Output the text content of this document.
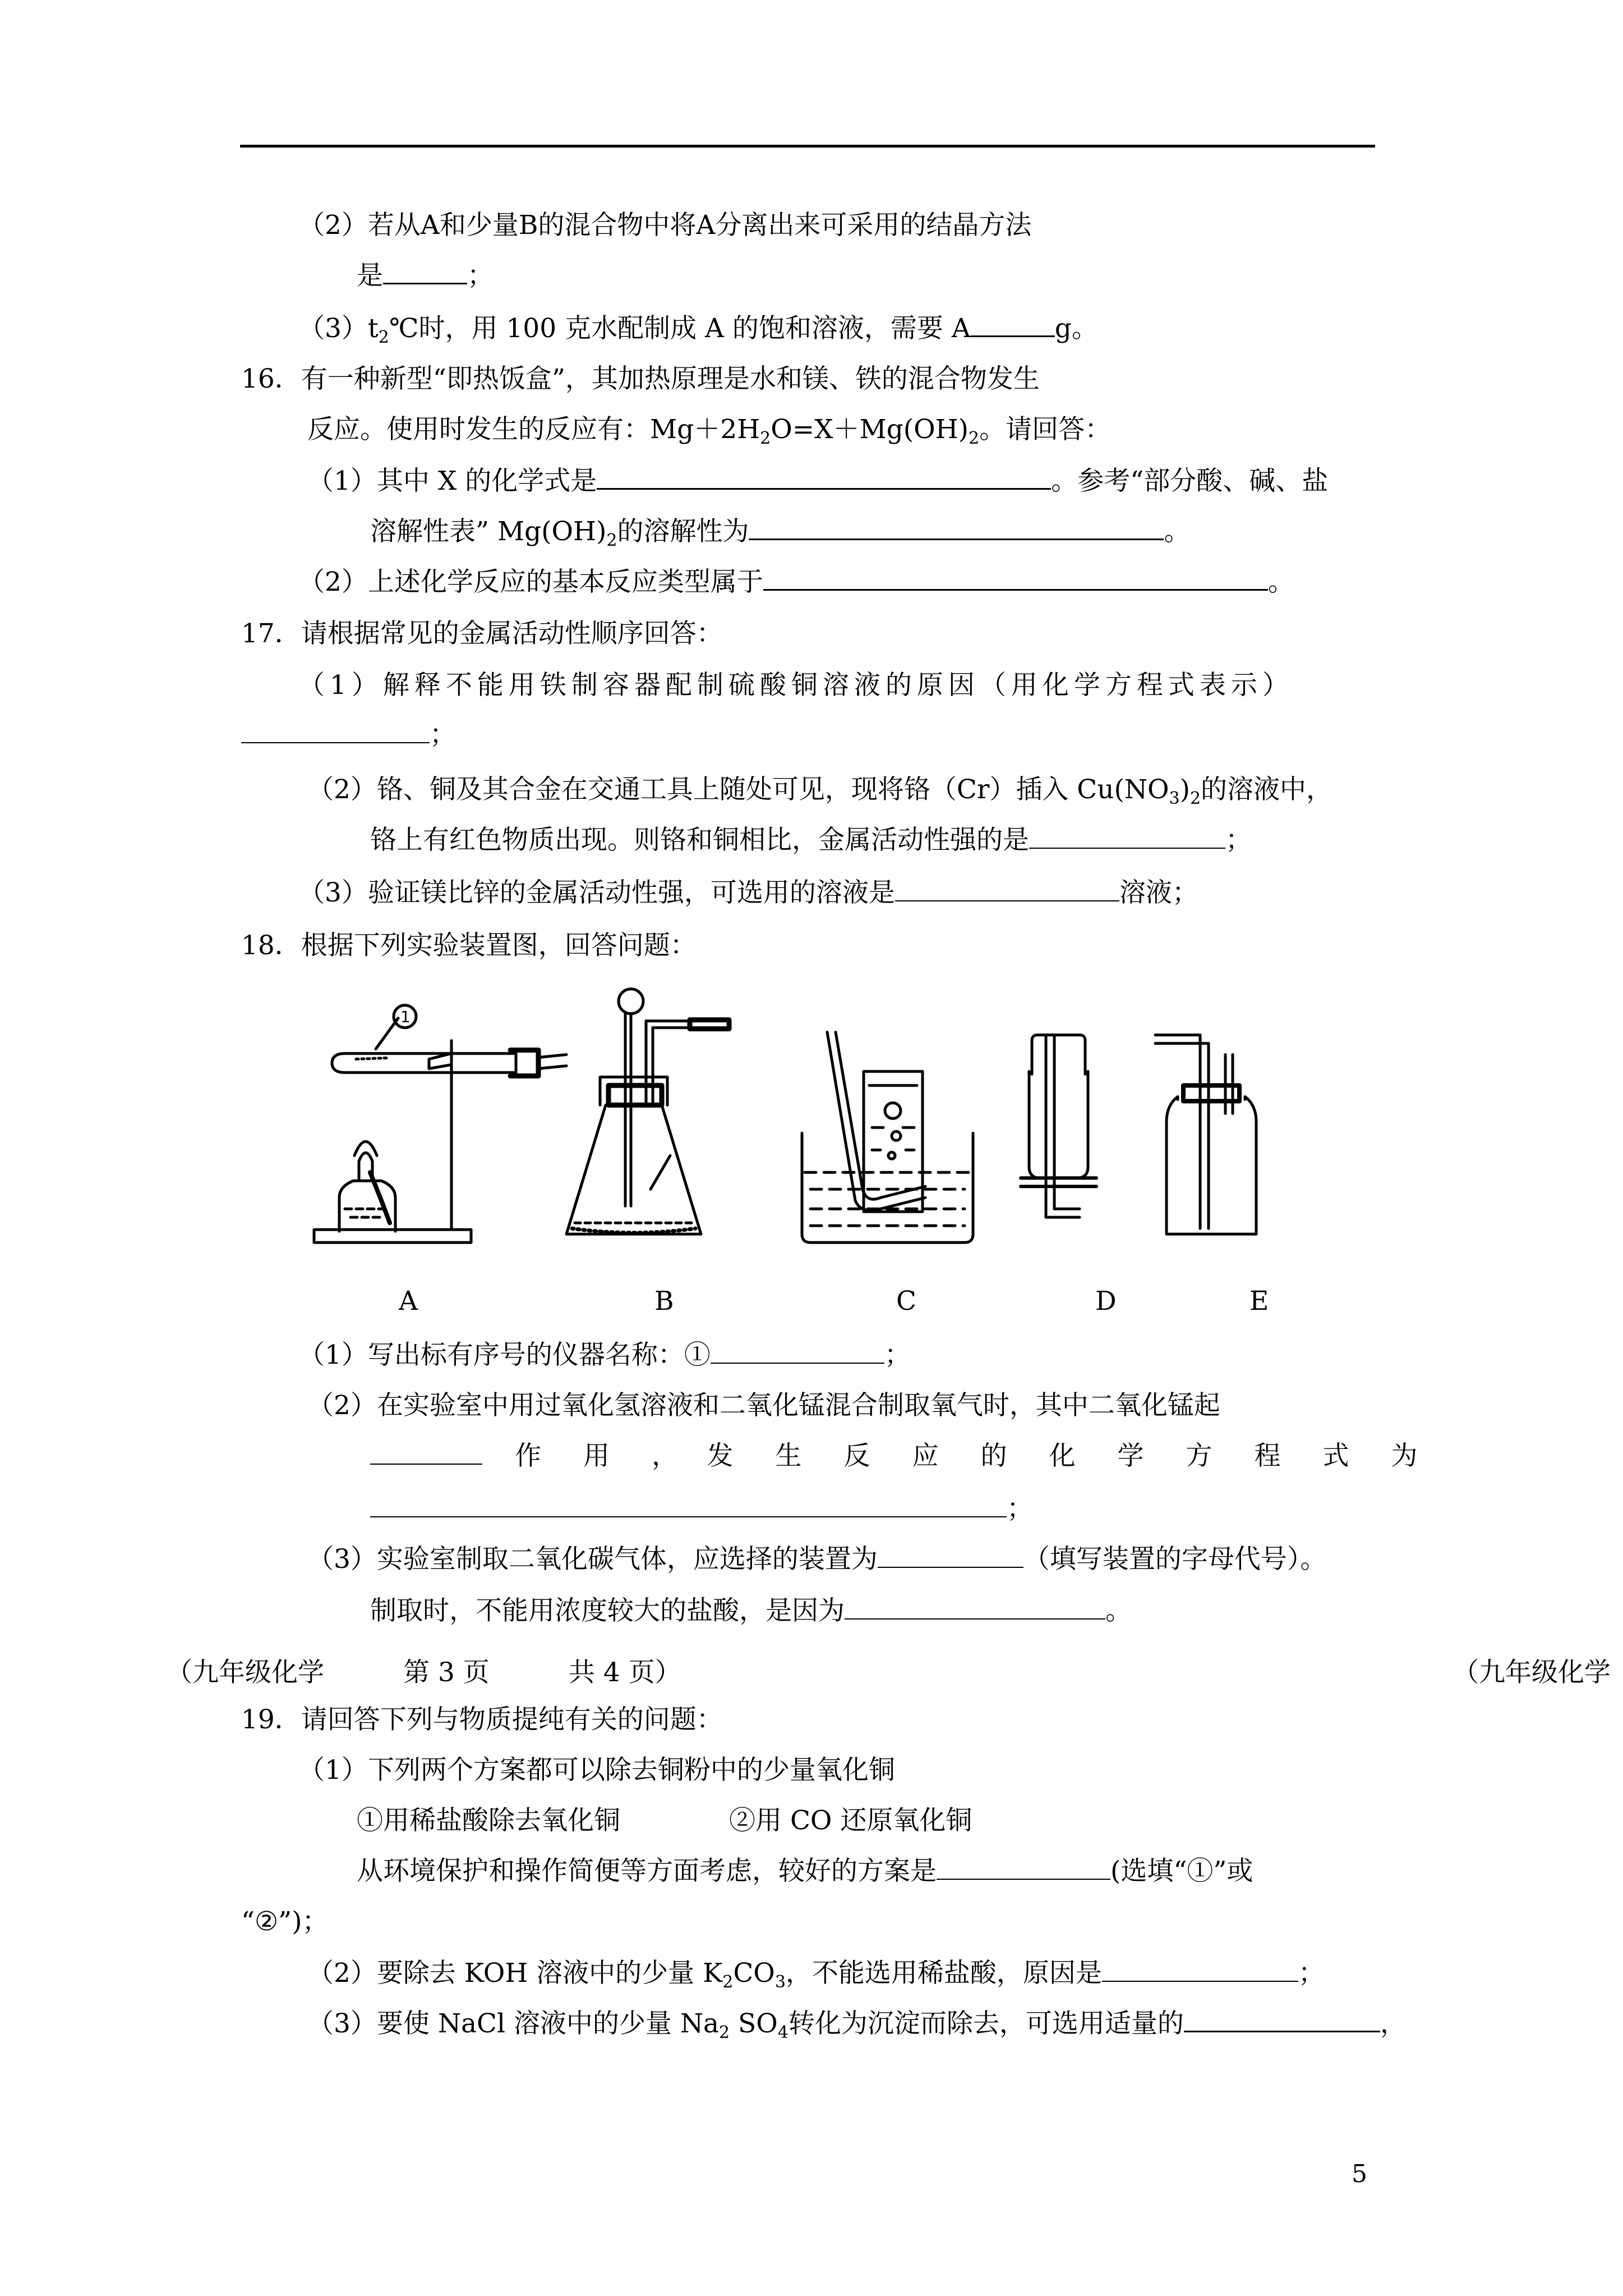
（2）若从A和少量B的混合物中将A分离出来可采用的结晶方法
是	；
$(3)t_2℃$时，用 100 克水配制成 A 的饱和溶液，需要 A	g。
16．有一种新型“即热饭盒”，其加热原理是水和镁、铁的混合物发生
反应。使用时发生的反应有：$Mg+2H_2O=X+Mg(OH)_2$。请回答：
（1）其中 X 的化学式是	。参考“部分酸、碱、盐
溶解性表” $Mg(OH)_2$的溶解性为	。
（2）上述化学反应的基本反应类型属于	。
17．请根据常见的金属活动性顺序回答：
（1）解释不能用铁制容器配制硫酸铜溶液的原因（用化学方程式表示）
；
（2）铬、铜及其合金在交通工具上随处可见，现将铬（Cr）插入 $Cu(NO_3)_2$的溶液中，
铬上有红色物质出现。则铬和铜相比，金属活动性强的是	；
（3）验证镁比锌的金属活动性强，可选用的溶液是	溶液；
18．根据下列实验装置图，回答问题：
1
A	B	C	D	E
（1）写出标有序号的仪器名称：①	；
（2）在实验室中用过氧化氢溶液和二氧化锰混合制取氧气时，其中二氧化锰起
作　用　，　发　生　反　应　的　化　学　方　程　式　为
；
（3）实验室制取二氧化碳气体，应选择的装置为	（填写装置的字母代号）。
制取时，不能用浓度较大的盐酸，是因为	。
（九年级化学　　　第 3 页　　　共 4 页）	（九年级化学
19．请回答下列与物质提纯有关的问题：
（1）下列两个方案都可以除去铜粉中的少量氧化铜
①用稀盐酸除去氧化铜	②用 CO 还原氧化铜
从环境保护和操作简便等方面考虑，较好的方案是	(选填“①”或
“②”)；
（2）要除去 KOH 溶液中的少量 $K_2CO_3$，不能选用稀盐酸，原因是	；
（3）要使 NaCl 溶液中的少量 $Na_2$ $SO_4$转化为沉淀而除去，可选用适量的	，
5
